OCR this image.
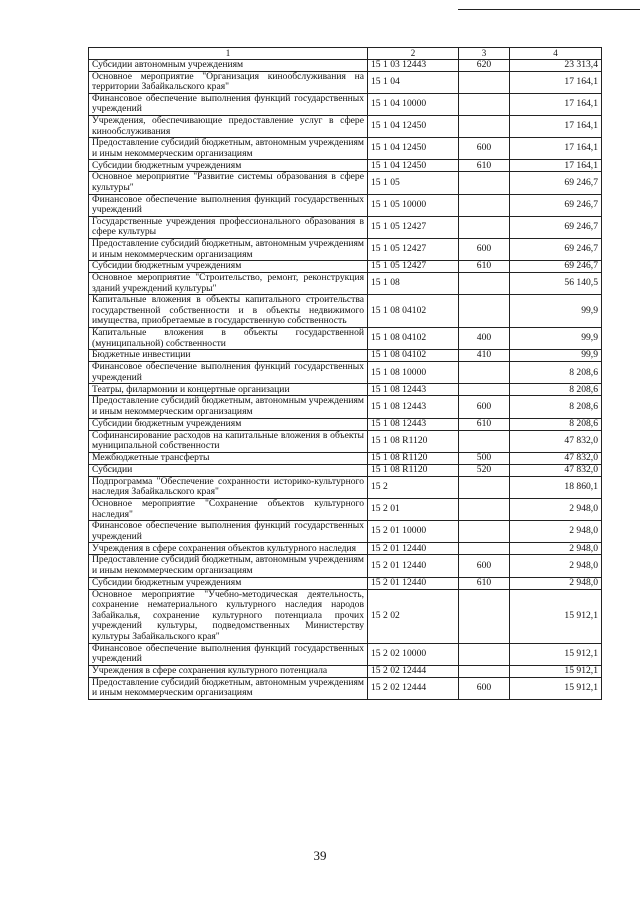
1	2	3	4
Субсидии автономным учреждениям	15 1 03 12443	620	23 313,4
Основное мероприятие "Организация кинообслуживания на территории Забайкальского края"	15 1 04		17 164,1
Финансовое обеспечение выполнения функций государственных учреждений	15 1 04 10000		17 164,1
Учреждения, обеспечивающие предоставление услуг в сфере кинообслуживания	15 1 04 12450		17 164,1
Предоставление субсидий бюджетным, автономным учреждениям и иным некоммерческим организациям	15 1 04 12450	600	17 164,1
Субсидии бюджетным учреждениям	15 1 04 12450	610	17 164,1
Основное мероприятие "Развитие системы образования в сфере культуры"	15 1 05		69 246,7
Финансовое обеспечение выполнения функций государственных учреждений	15 1 05 10000		69 246,7
Государственные учреждения профессионального образования в сфере культуры	15 1 05 12427		69 246,7
Предоставление субсидий бюджетным, автономным учреждениям и иным некоммерческим организациям	15 1 05 12427	600	69 246,7
Субсидии бюджетным учреждениям	15 1 05 12427	610	69 246,7
Основное мероприятие "Строительство, ремонт, реконструкция зданий учреждений культуры"	15 1 08		56 140,5
Капитальные вложения в объекты капитального строительства государственной собственности и в объекты недвижимого имущества, приобретаемые в государственную собственность	15 1 08 04102		99,9
Капитальные вложения в объекты государственной (муниципальной) собственности	15 1 08 04102	400	99,9
Бюджетные инвестиции	15 1 08 04102	410	99,9
Финансовое обеспечение выполнения функций государственных учреждений	15 1 08 10000		8 208,6
Театры, филармонии и концертные организации	15 1 08 12443		8 208,6
Предоставление субсидий бюджетным, автономным учреждениям и иным некоммерческим организациям	15 1 08 12443	600	8 208,6
Субсидии бюджетным учреждениям	15 1 08 12443	610	8 208,6
Софинансирование расходов на капитальные вложения в объекты муниципальной собственности	15 1 08 R1120		47 832,0
Межбюджетные трансферты	15 1 08 R1120	500	47 832,0
Субсидии	15 1 08 R1120	520	47 832,0
Подпрограмма "Обеспечение сохранности историко-культурного наследия Забайкальского края"	15 2		18 860,1
Основное мероприятие "Сохранение объектов культурного наследия"	15 2 01		2 948,0
Финансовое обеспечение выполнения функций государственных учреждений	15 2 01 10000		2 948,0
Учреждения в сфере сохранения объектов культурного наследия	15 2 01 12440		2 948,0
Предоставление субсидий бюджетным, автономным учреждениям и иным некоммерческим организациям	15 2 01 12440	600	2 948,0
Субсидии бюджетным учреждениям	15 2 01 12440	610	2 948,0
Основное мероприятие "Учебно-методическая деятельность, сохранение нематериального культурного наследия народов Забайкалья, сохранение культурного потенциала прочих учреждений культуры, подведомственных Министерству культуры Забайкальского края"	15 2 02		15 912,1
Финансовое обеспечение выполнения функций государственных учреждений	15 2 02 10000		15 912,1
Учреждения в сфере сохранения культурного потенциала	15 2 02 12444		15 912,1
Предоставление субсидий бюджетным, автономным учреждениям и иным некоммерческим организациям	15 2 02 12444	600	15 912,1
39
